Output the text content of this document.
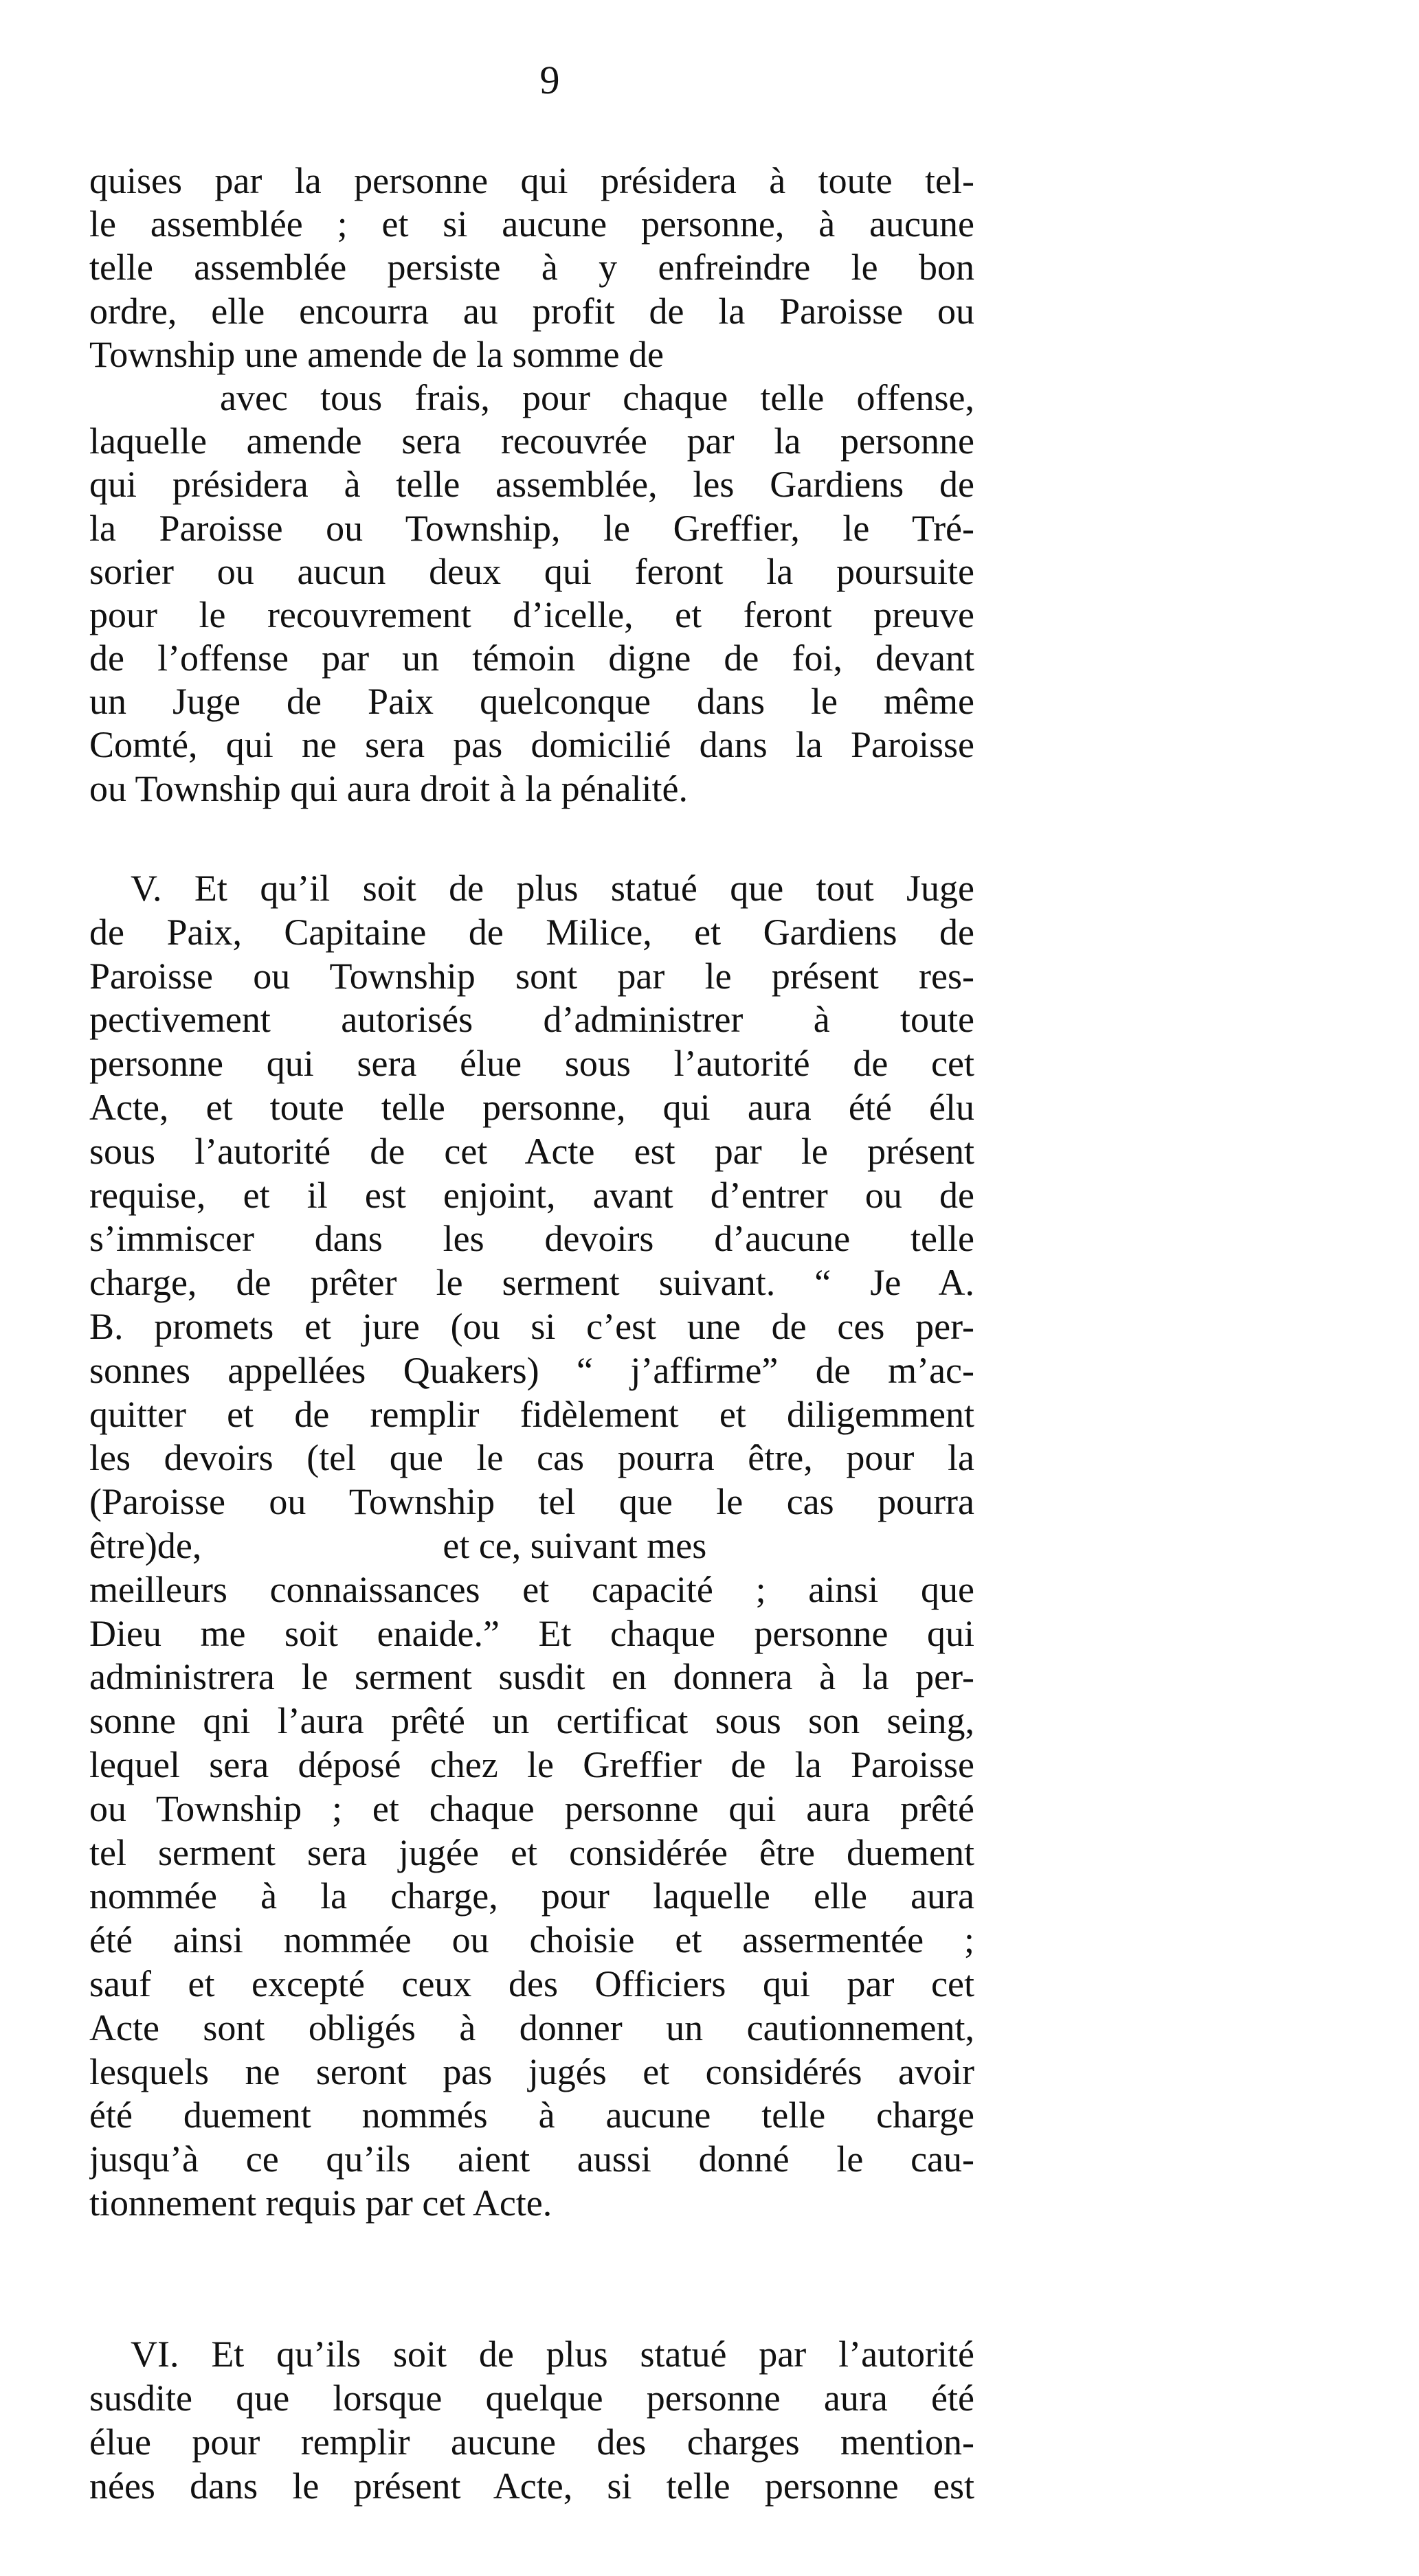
9
quises par la personne qui présidera à toute tel-
le assemblée ; et si aucune personne, à aucune
telle assemblée persiste à y enfreindre le bon
ordre, elle encourra au profit de la Paroisse ou
Township une amende de la somme de
avec tous frais, pour chaque telle offense,
laquelle amende sera recouvrée par la personne
qui présidera à telle assemblée, les Gardiens de
la Paroisse ou Township, le Greffier, le Tré-
sorier ou aucun deux qui feront la poursuite
pour le recouvrement d’icelle, et feront preuve
de l’offense par un témoin digne de foi, devant
un Juge de Paix quelconque dans le même
Comté, qui ne sera pas domicilié dans la Paroisse
ou Township qui aura droit à la pénalité.
V. Et qu’il soit de plus statué que tout Juge
de Paix, Capitaine de Milice, et Gardiens de
Paroisse ou Township sont par le présent res-
pectivement autorisés d’administrer à toute
personne qui sera élue sous l’autorité de cet
Acte, et toute telle personne, qui aura été élu
sous l’autorité de cet Acte est par le présent
requise, et il est enjoint, avant d’entrer ou de
s’immiscer dans les devoirs d’aucune telle
charge, de prêter le serment suivant. “ Je A.
B. promets et jure (ou si c’est une de ces per-
sonnes appellées Quakers) “ j’affirme” de m’ac-
quitter et de remplir fidèlement et diligemment
les devoirs (tel que le cas pourra être, pour la
(Paroisse ou Township tel que le cas pourra
être)de,                          et ce, suivant mes
meilleurs connaissances et capacité ; ainsi que
Dieu me soit enaide.” Et chaque personne qui
administrera le serment susdit en donnera à la per-
sonne qni l’aura prêté un certificat sous son seing,
lequel sera déposé chez le Greffier de la Paroisse
ou Township ; et chaque personne qui aura prêté
tel serment sera jugée et considérée être duement
nommée à la charge, pour laquelle elle aura
été ainsi nommée ou choisie et assermentée ;
sauf et excepté ceux des Officiers qui par cet
Acte sont obligés à donner un cautionnement,
lesquels ne seront pas jugés et considérés avoir
été duement nommés à aucune telle charge
jusqu’à ce qu’ils aient aussi donné le cau-
tionnement requis par cet Acte.
VI. Et qu’ils soit de plus statué par l’autorité
susdite que lorsque quelque personne aura été
élue pour remplir aucune des charges mention-
nées dans le présent Acte, si telle personne est
